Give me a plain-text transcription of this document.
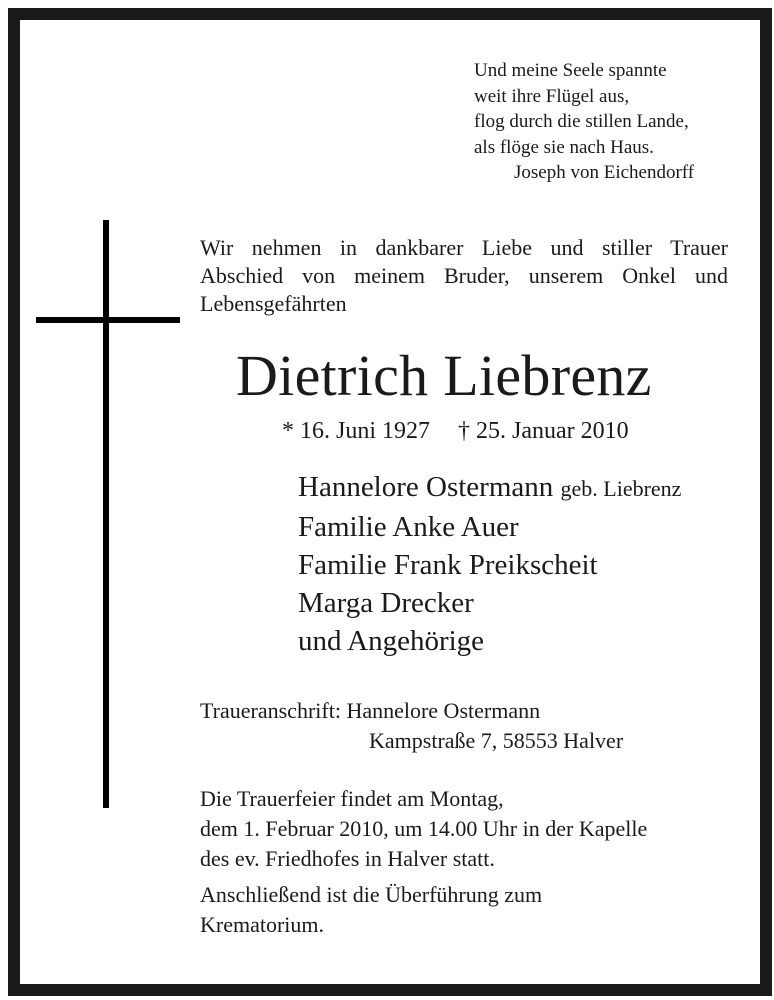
Und meine Seele spannte
weit ihre Flügel aus,
flog durch die stillen Lande,
als flöge sie nach Haus.
Joseph von Eichendorff
Wir nehmen in dankbarer Liebe und stiller Trauer
Abschied von meinem Bruder, unserem Onkel und
Lebensgefährten
Dietrich Liebrenz
* 16. Juni 1927 † 25. Januar 2010
Hannelore Ostermann geb. Liebrenz
Familie Anke Auer
Familie Frank Preikscheit
Marga Drecker
und Angehörige
Traueranschrift: Hannelore Ostermann
Kampstraße 7, 58553 Halver
Die Trauerfeier findet am Montag,
dem 1. Februar 2010, um 14.00 Uhr in der Kapelle
des ev. Friedhofes in Halver statt.
Anschließend ist die Überführung zum
Krematorium.
